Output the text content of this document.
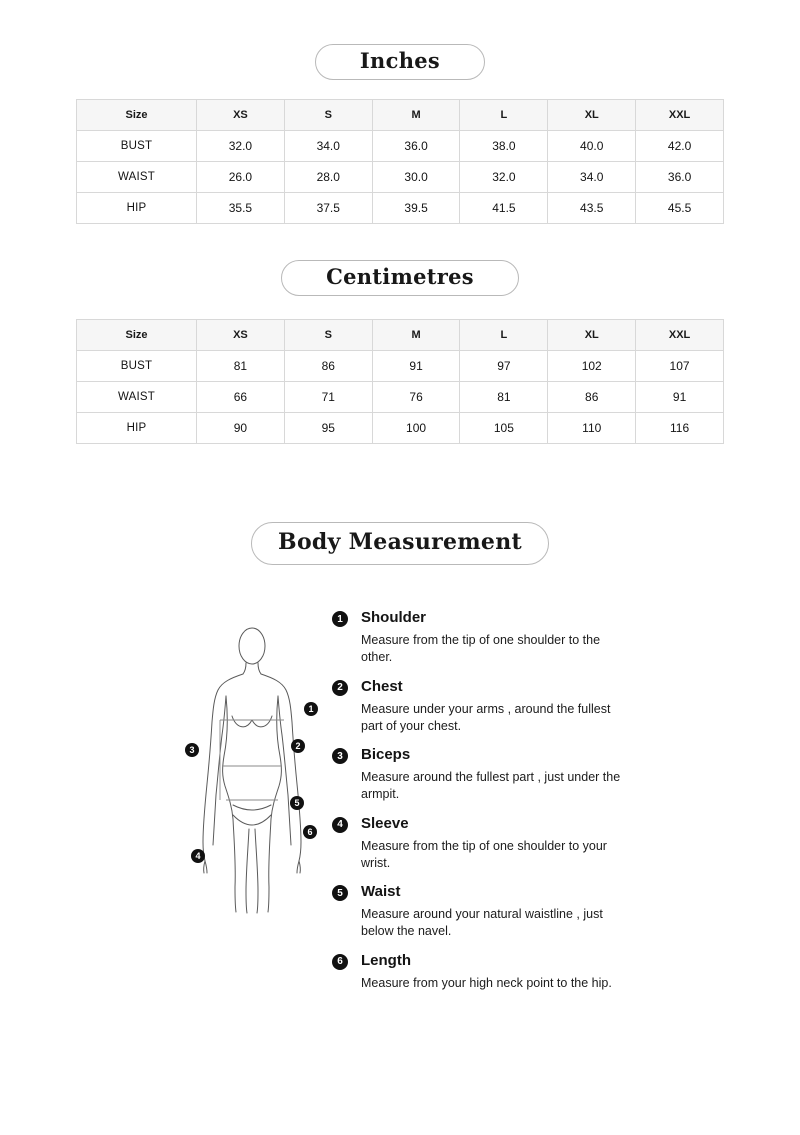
Inches
Size	XS	S	M	L	XL	XXL
BUST	32.0	34.0	36.0	38.0	40.0	42.0
WAIST	26.0	28.0	30.0	32.0	34.0	36.0
HIP	35.5	37.5	39.5	41.5	43.5	45.5
Centimetres
Size	XS	S	M	L	XL	XXL
BUST	81	86	91	97	102	107
WAIST	66	71	76	81	86	91
HIP	90	95	100	105	110	116
Body Measurement
1
2
3
5
6
4
1	Shoulder
Measure from the tip of one shoulder to the other.
2	Chest
Measure under your arms , around the fullest part of your chest.
3	Biceps
Measure around the fullest part , just under the armpit.
4	Sleeve
Measure from the tip of one shoulder to your wrist.
5	Waist
Measure around your natural waistline , just below the navel.
6	Length
Measure from your high neck point to the hip.
